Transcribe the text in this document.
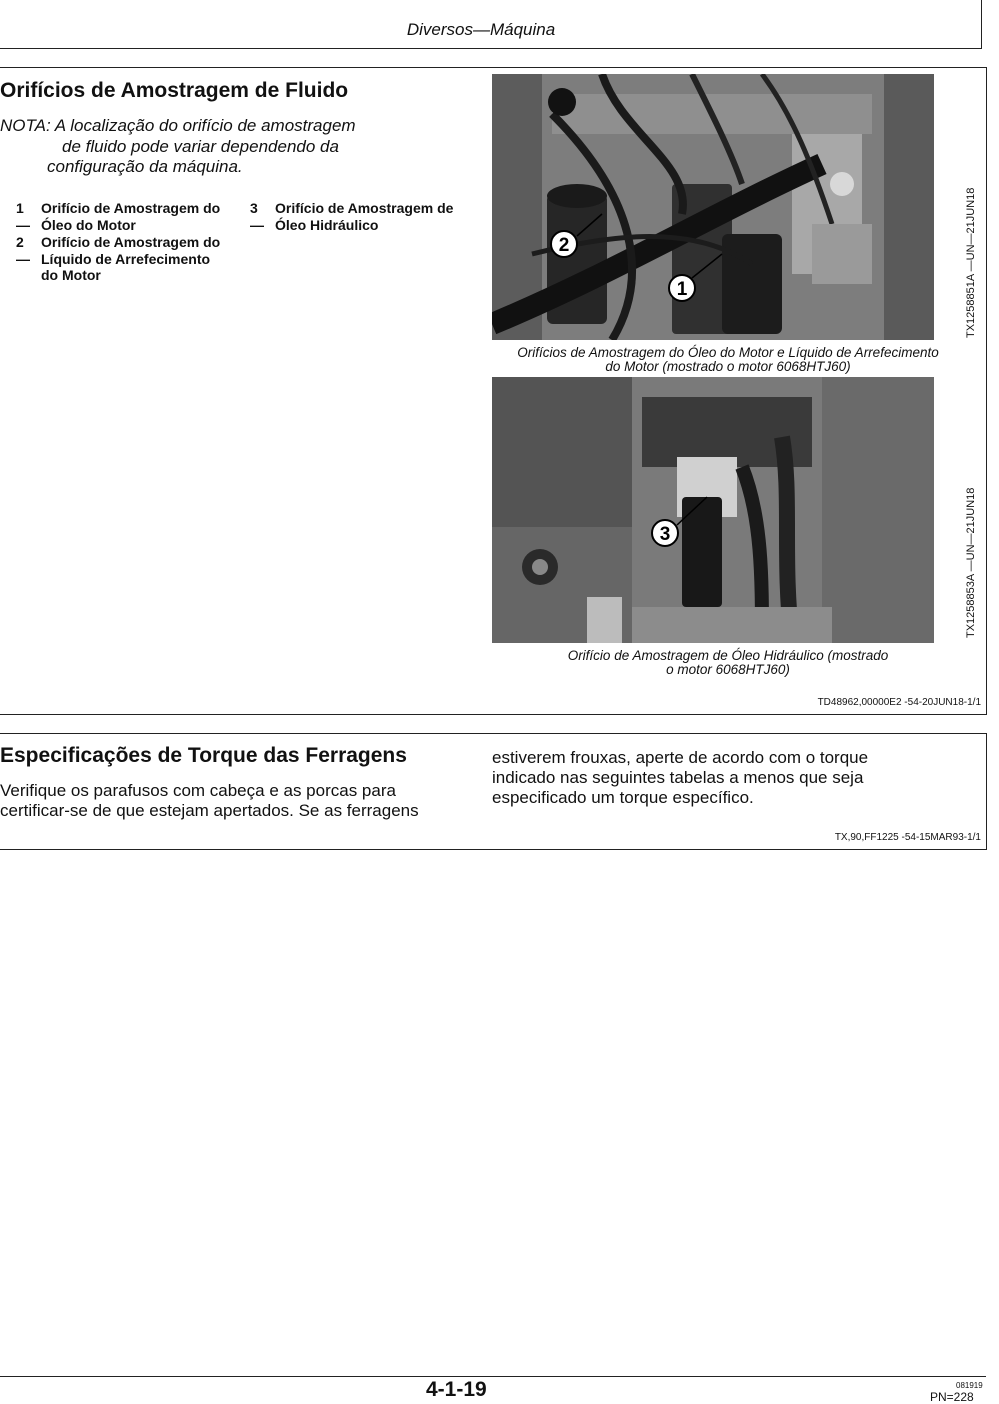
Diversos—Máquina
Orifícios de Amostragem de Fluido
NOTA: A localização do orifício de amostragem
de fluido pode variar dependendo da
configuração da máquina.
1—
Orifício de Amostragem do
Óleo do Motor
2—
Orifício de Amostragem do
Líquido de Arrefecimento
do Motor
3—
Orifício de Amostragem de
Óleo Hidráulico
2
1	TX1258851A —UN—21JUN18
Orifícios de Amostragem do Óleo do Motor e Líquido de Arrefecimento
do Motor (mostrado o motor 6068HTJ60)
3	TX1258853A —UN—21JUN18
Orifício de Amostragem de Óleo Hidráulico (mostrado
o motor 6068HTJ60)
TD48962,00000E2 -54-20JUN18-1/1
Especificações de Torque das Ferragens
Verifique os parafusos com cabeça e as porcas para
certificar-se de que estejam apertados. Se as ferragens
estiverem frouxas, aperte de acordo com o torque
indicado nas seguintes tabelas a menos que seja
especificado um torque específico.
TX,90,FF1225 -54-15MAR93-1/1
4-1-19	081919
PN=228
